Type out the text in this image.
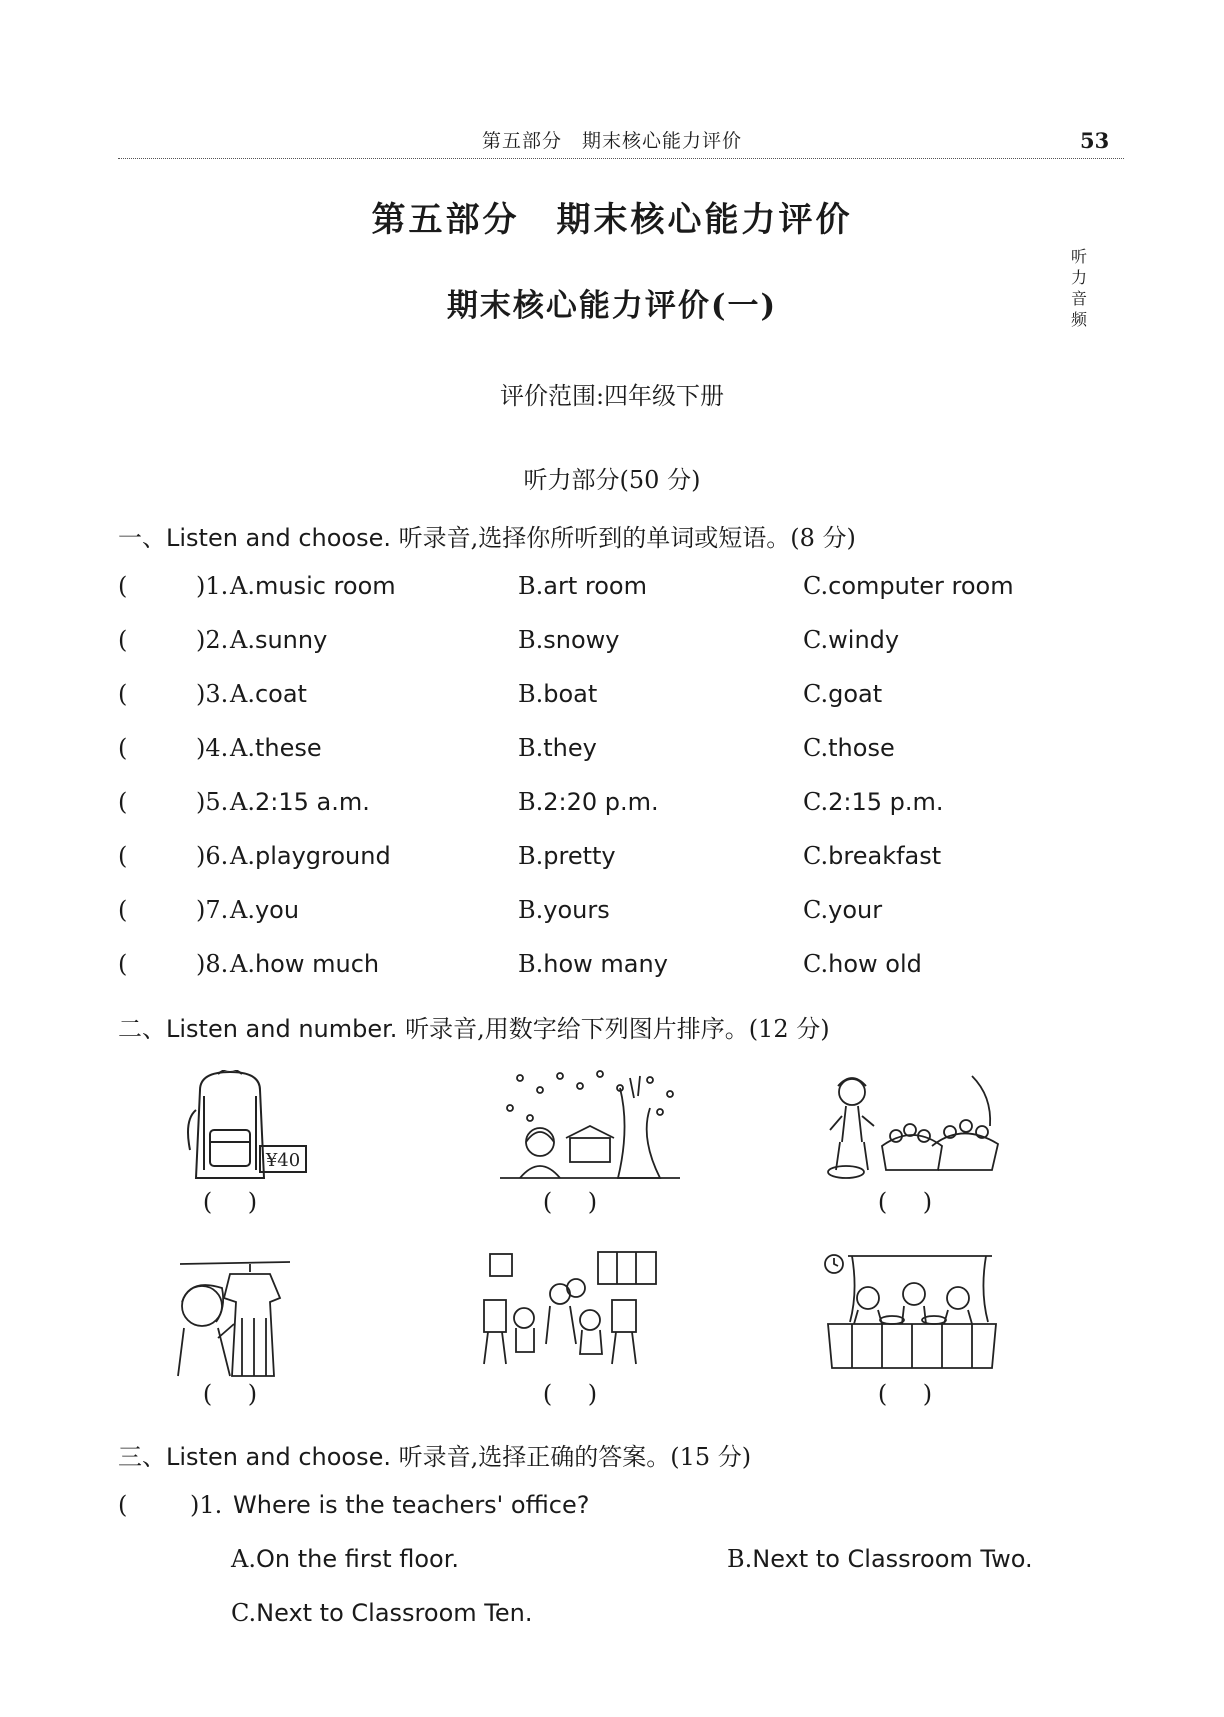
第五部分　期末核心能力评价	53
第五部分　期末核心能力评价
听
力
音
频
期末核心能力评价(一)
评价范围:四年级下册
听力部分(50 分)
一、Listen and choose. 听录音,选择你所听到的单词或短语。(8 分)
(	)1. A.music room	B.art room	C.computer room
(	)2. A.sunny	B.snowy	C.windy
(	)3. A.coat	B.boat	C.goat
(	)4. A.these	B.they	C.those
(	)5. A.2:15 a.m.	B.2:20 p.m.	C.2:15 p.m.
(	)6. A.playground	B.pretty	C.breakfast
(	)7. A.you	B.yours	C.your
(	)8. A.how much	B.how many	C.how old
二、Listen and number. 听录音,用数字给下列图片排序。(12 分)
¥40
( )	( )	( )
( )	( )	( )
三、Listen and choose. 听录音,选择正确的答案。(15 分)
(	)1. Where is the teachers' office?
A.On the first floor.	B.Next to Classroom Two.
C.Next to Classroom Ten.
